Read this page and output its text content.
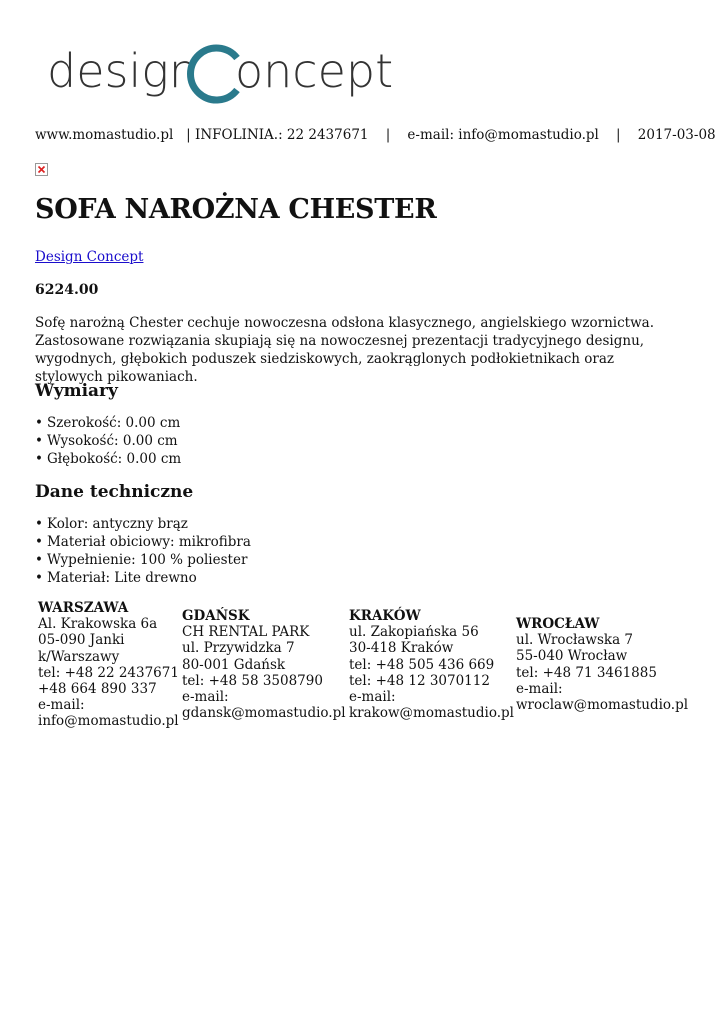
design oncept
www.momastudio.pl | INFOLINIA.: 22 2437671 | e-mail: info@momastudio.pl | 2017-03-08
SOFA NAROŻNA CHESTER
Design Concept
6224.00
Sofę narożną Chester cechuje nowoczesna odsłona klasycznego, angielskiego wzornictwa. Zastosowane rozwiązania skupiają się na nowoczesnej prezentacji tradycyjnego designu, wygodnych, głębokich poduszek siedziskowych, zaokrąglonych podłokietnikach oraz stylowych pikowaniach.
Wymiary
• Szerokość: 0.00 cm
• Wysokość: 0.00 cm
• Głębokość: 0.00 cm
Dane techniczne
• Kolor: antyczny brąz
• Materiał obiciowy: mikrofibra
• Wypełnienie: 100 % poliester
• Materiał: Lite drewno
WARSZAWA
Al. Krakowska 6a
05-090 Janki
k/Warszawy
tel: +48 22 2437671
+48 664 890 337
e-mail:
info@momastudio.pl
GDAŃSK
CH RENTAL PARK
ul. Przywidzka 7
80-001 Gdańsk
tel: +48 58 3508790
e-mail:
gdansk@momastudio.pl
KRAKÓW
ul. Zakopiańska 56
30-418 Kraków
tel: +48 505 436 669
tel: +48 12 3070112
e-mail:
krakow@momastudio.pl
WROCŁAW
ul. Wrocławska 7
55-040 Wrocław
tel: +48 71 3461885
e-mail:
wroclaw@momastudio.pl
